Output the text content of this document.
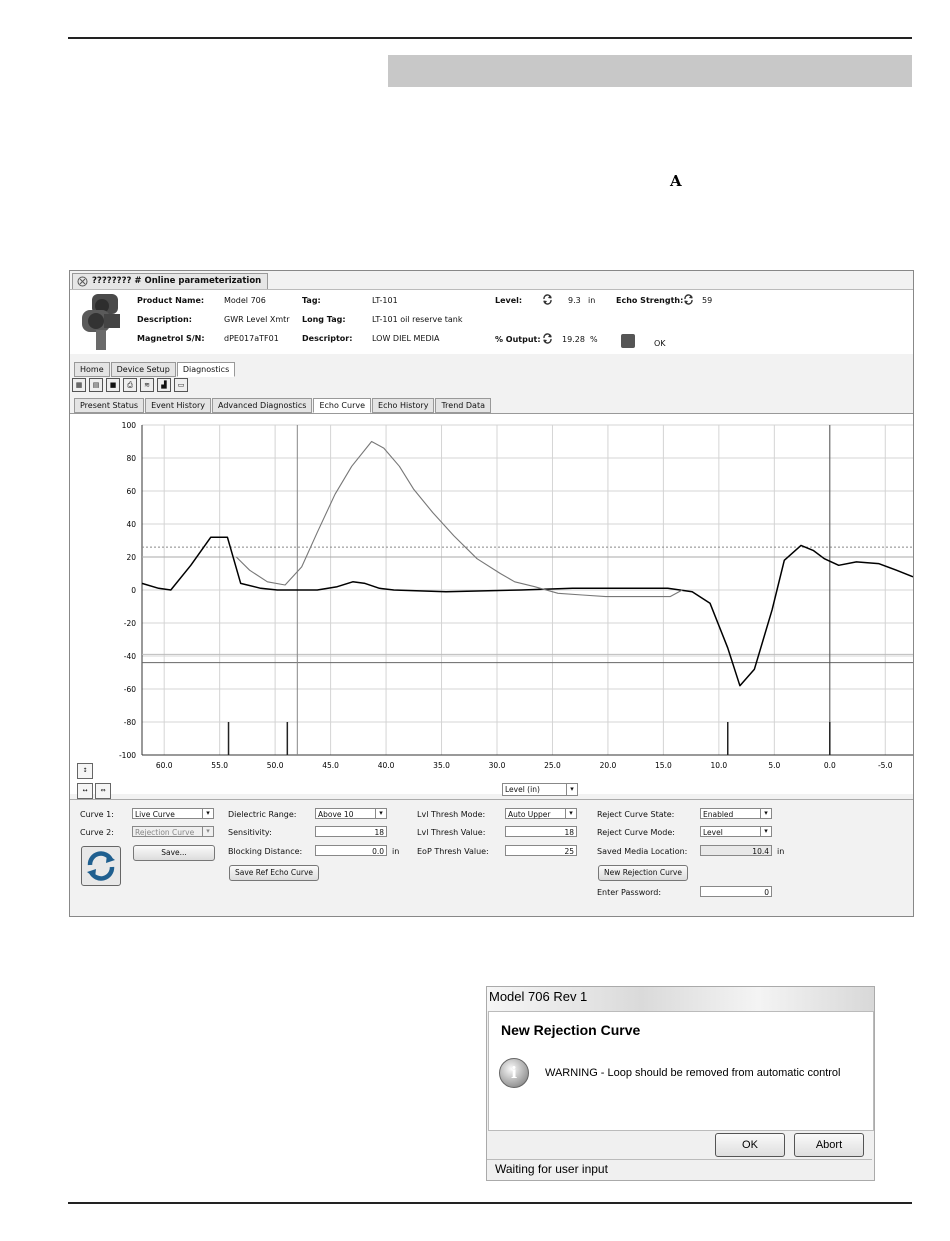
A
???????? # Online parameterization
Product Name: Model 706
Description:	GWR Level Xmtr
Magnetrol S/N: dPE017aTF01
Tag:	LT-101
Long Tag:	LT-101 oil reserve tank
Descriptor: LOW DIEL MEDIA
Level:	9.3 in
% Output:	19.28 %
Echo Strength: 59
OK
Home	Device Setup	Diagnostics
▦	▤	■	⎙	≋	▟	▭
Present Status	Event History	Advanced Diagnostics	Echo Curve	Echo History	Trend Data
100
80
60
40
20
0
-20
-40
-60
-80
-100
60.0	55.0	50.0	45.0	40.0	35.0	30.0	25.0	20.0	15.0	10.0	5.0	0.0	-5.0
↕
↔	⇔	Level (in)	▾
Curve 1:	Live Curve	▾
Curve 2:	Rejection Curve	▾
Save...
Dielectric Range:	Above 10	▾
Sensitivity:	18
Blocking Distance:	0.0	in
Save Ref Echo Curve
Lvl Thresh Mode:	Auto Upper	▾
Lvl Thresh Value:	18
EoP Thresh Value:	25
Reject Curve State:	Enabled	▾
Reject Curve Mode:	Level	▾
Saved Media Location:	10.4	in
New Rejection Curve
Enter Password:	0
Model 706 Rev 1
New Rejection Curve
i	WARNING - Loop should be removed from automatic control
OK	Abort
Waiting for user input
